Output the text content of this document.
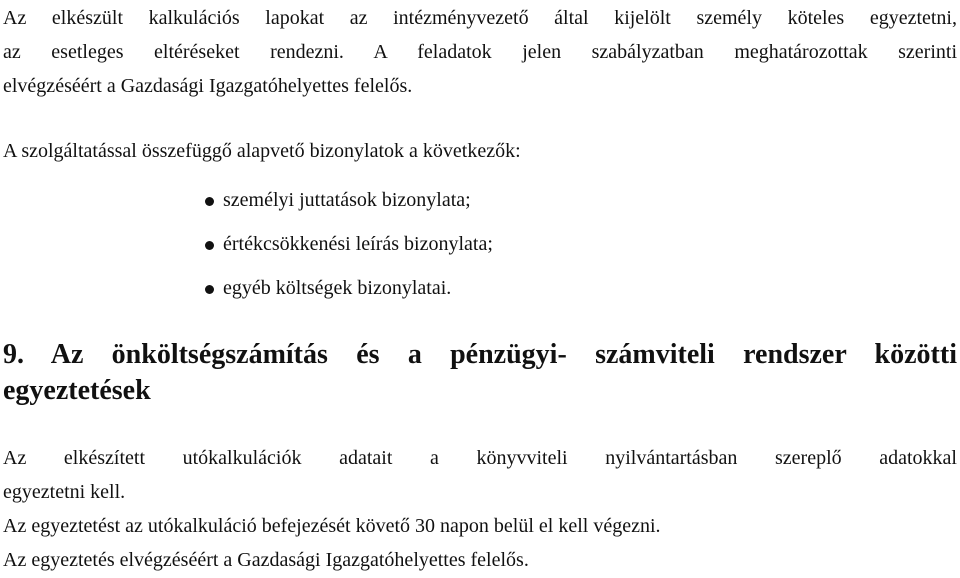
Az elkészült kalkulációs lapokat az intézményvezető által kijelölt személy köteles egyeztetni,
az esetleges eltéréseket rendezni. A feladatok jelen szabályzatban meghatározottak szerinti
elvégzéséért a Gazdasági Igazgatóhelyettes felelős.

A szolgáltatással összefüggő alapvető bizonylatok a következők:

személyi juttatások bizonylata;
értékcsökkenési leírás bizonylata;
egyéb költségek bizonylatai.
9. Az önköltségszámítás és a pénzügyi- számviteli rendszer közötti
egyeztetések

Az elkészített utókalkulációk adatait a könyvviteli nyilvántartásban szereplő adatokkal
egyeztetni kell.

Az egyeztetést az utókalkuláció befejezését követő 30 napon belül el kell végezni.

Az egyeztetés elvégzéséért a Gazdasági Igazgatóhelyettes felelős.
